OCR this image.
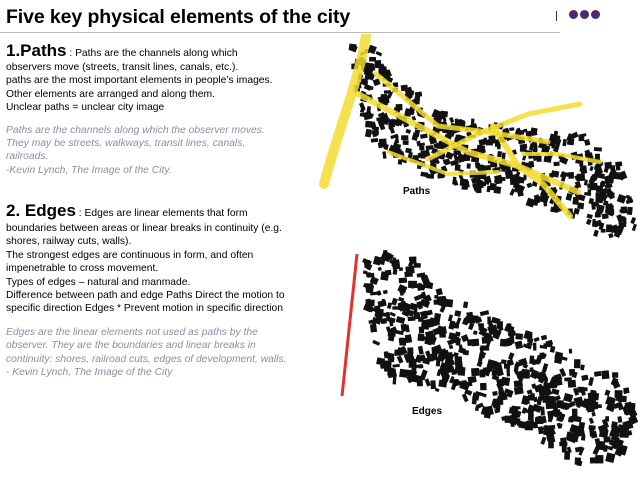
Five key physical elements of the city
1.Paths : Paths are the channels along which
observers move (streets, transit lines, canals, etc.).
paths are the most important elements in people’s images.
Other elements are arranged and along them.
Unclear paths = unclear city image
Paths are the channels along which the observer moves.
They may be streets, walkways, transit lines, canals,
railroads.
-Kevin Lynch, The Image of the City.
2. Edges : Edges are linear elements that form
boundaries between areas or linear breaks in continuity (e.g.
shores, railway cuts, walls).
The strongest edges are continuous in form, and often
impenetrable to cross movement.
Types of edges – natural and manmade.
Difference between path and edge Paths Direct the motion to
specific direction Edges * Prevent motion in specific direction
Edges are the linear elements not used as paths by the
observer. They are the boundaries and linear breaks in
continuity: shores, railroad cuts, edges of development, walls.
- Kevin Lynch, The Image of the City
Paths
Edges
